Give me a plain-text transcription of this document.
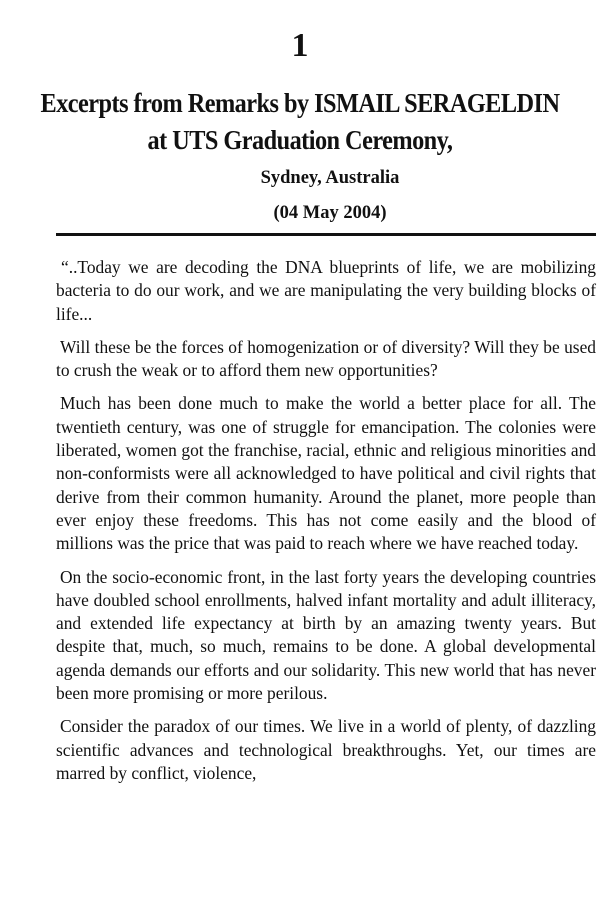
1
Excerpts from Remarks by ISMAIL SERAGELDIN
at UTS Graduation Ceremony,
Sydney, Australia
(04 May 2004)

“..Today we are decoding the DNA blueprints of life, we are mobilizing bacteria to do our work, and we are manipulating the very building blocks of life...

Will these be the forces of homogenization or of diversity? Will they be used to crush the weak or to afford them new opportunities?

Much has been done much to make the world a better place for all. The twentieth century, was one of struggle for emancipation. The colonies were liberated, women got the franchise, racial, ethnic and religious minorities and non-conformists were all acknowledged to have political and civil rights that derive from their common humanity. Around the planet, more people than ever enjoy these freedoms. This has not come easily and the blood of millions was the price that was paid to reach where we have reached today.

On the socio-economic front, in the last forty years the developing countries have doubled school enrollments, halved infant mortality and adult illiteracy, and extended life expectancy at birth by an amazing twenty years. But despite that, much, so much, remains to be done. A global developmental agenda demands our efforts and our solidarity. This new world that has never been more promising or more perilous.

Consider the paradox of our times. We live in a world of plenty, of dazzling scientific advances and technological breakthroughs. Yet, our times are marred by conflict, violence,
